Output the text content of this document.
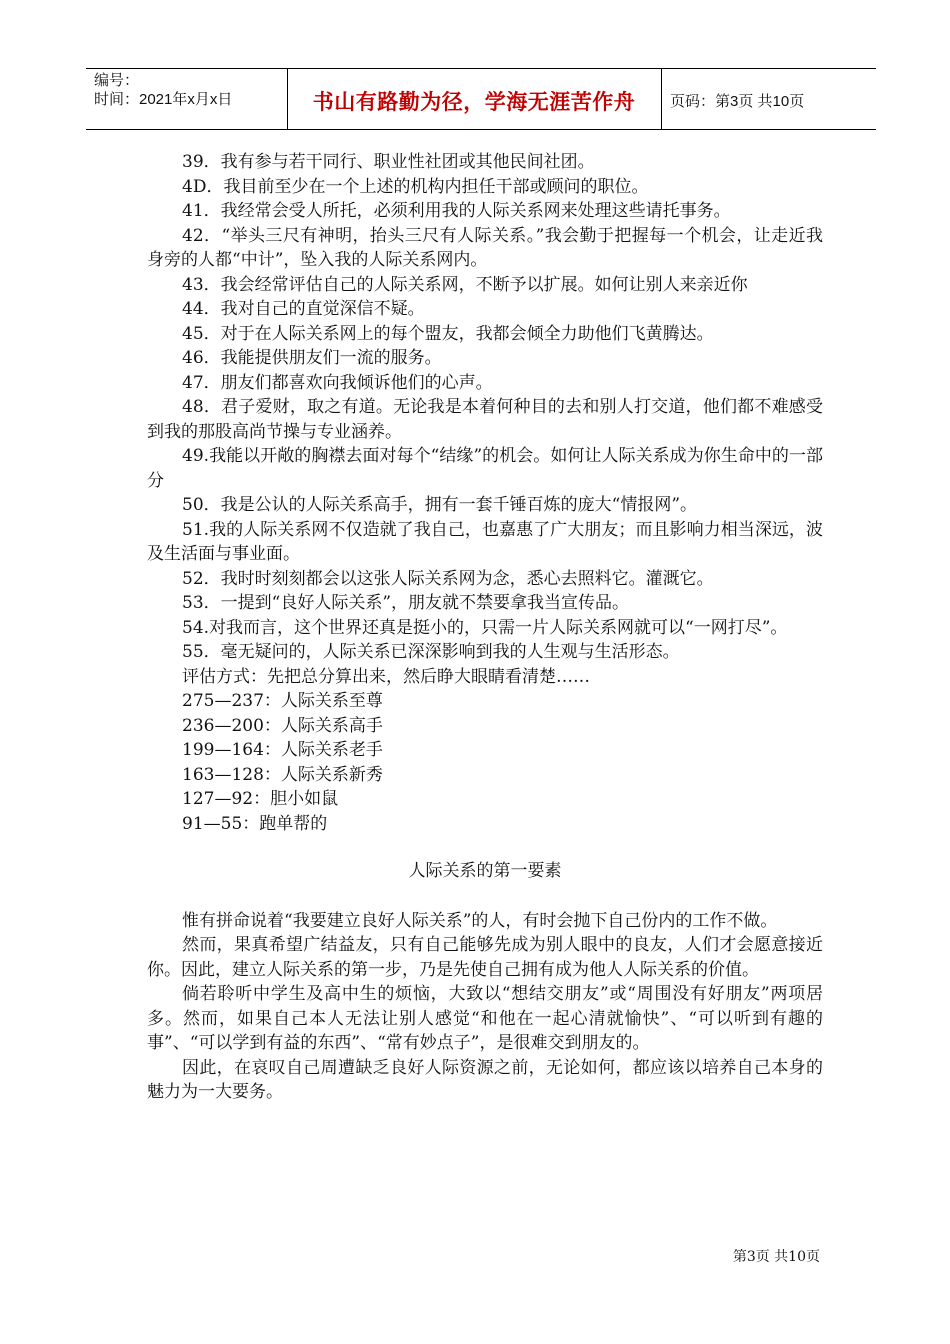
编号：
时间：2021年x月x日	书山有路勤为径，学海无涯苦作舟	页码：第3页 共10页

39．我有参与若干同行、职业性社团或其他民间社团。

4D．我目前至少在一个上述的机构内担任干部或顾问的职位。

41．我经常会受人所托，必须利用我的人际关系网来处理这些请托事务。

42．“举头三尺有神明，抬头三尺有人际关系。”我会勤于把握每一个机会，让走近我身旁的人都“中计”，坠入我的人际关系网内。

43．我会经常评估自己的人际关系网，不断予以扩展。如何让别人来亲近你

44．我对自己的直觉深信不疑。

45．对于在人际关系网上的每个盟友，我都会倾全力助他们飞黄腾达。

46．我能提供朋友们一流的服务。

47．朋友们都喜欢向我倾诉他们的心声。

48．君子爱财，取之有道。无论我是本着何种目的去和别人打交道，他们都不难感受到我的那股高尚节操与专业涵养。

49.我能以开敞的胸襟去面对每个“结缘”的机会。如何让人际关系成为你生命中的一部分

50．我是公认的人际关系高手，拥有一套千锤百炼的庞大“情报网”。

51.我的人际关系网不仅造就了我自己，也嘉惠了广大朋友；而且影响力相当深远，波及生活面与事业面。

52．我时时刻刻都会以这张人际关系网为念，悉心去照料它。灌溉它。

53．一提到“良好人际关系”，朋友就不禁要拿我当宣传品。

54.对我而言，这个世界还真是挺小的，只需一片人际关系网就可以“一网打尽”。

55．毫无疑问的，人际关系已深深影响到我的人生观与生活形态。

评估方式：先把总分算出来，然后睁大眼睛看清楚……

275—237：人际关系至尊

236—200：人际关系高手

199—164：人际关系老手

163—128：人际关系新秀

127—92：胆小如鼠

91—55：跑单帮的

人际关系的第一要素

惟有拼命说着“我要建立良好人际关系”的人，有时会抛下自己份内的工作不做。

然而，果真希望广结益友，只有自己能够先成为别人眼中的良友，人们才会愿意接近你。因此，建立人际关系的第一步，乃是先使自己拥有成为他人人际关系的价值。

倘若聆听中学生及高中生的烦恼，大致以“想结交朋友”或“周围没有好朋友”两项居多。然而，如果自己本人无法让别人感觉“和他在一起心清就愉快”、“可以听到有趣的事”、“可以学到有益的东西”、“常有妙点子”，是很难交到朋友的。

因此，在哀叹自己周遭缺乏良好人际资源之前，无论如何，都应该以培养自己本身的魅力为一大要务。

第3页 共10页
